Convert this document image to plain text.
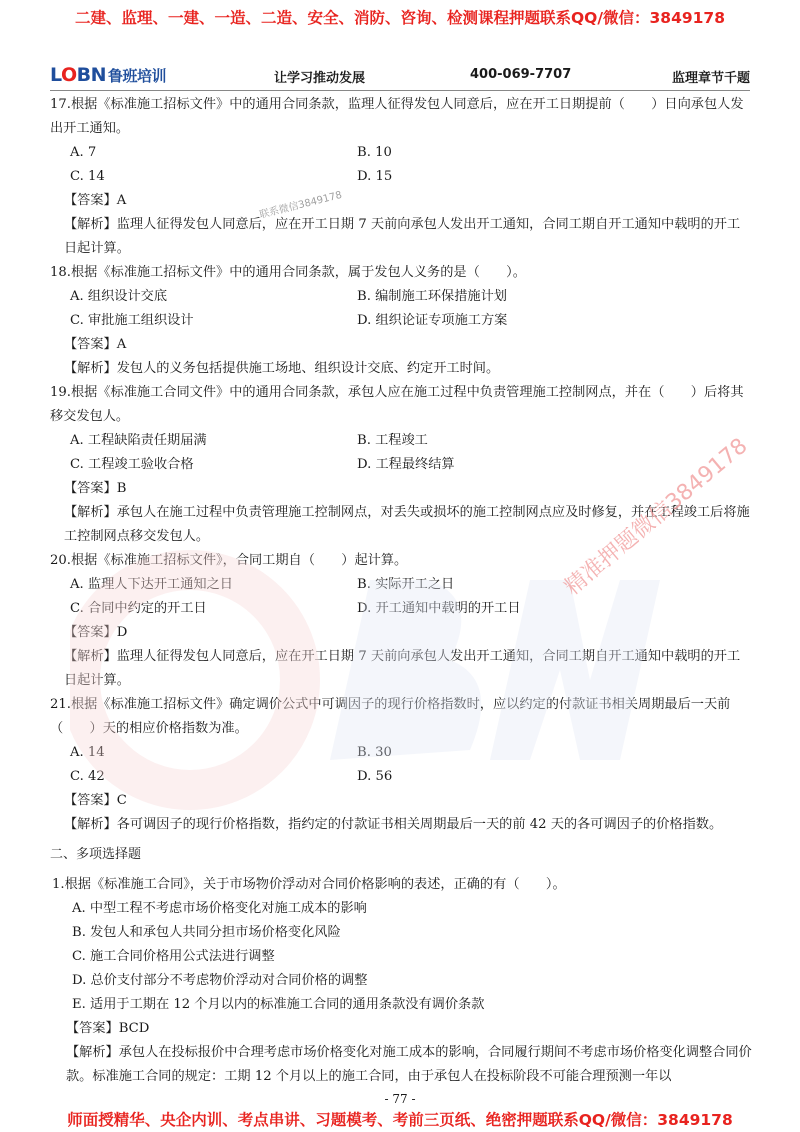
二建、监理、一建、一造、二造、安全、消防、咨询、检测课程押题联系QQ/微信：3849178
LOBN 鲁班培训	让学习推动发展	400-069-7707	监理章节千题
17.根据《标准施工招标文件》中的通用合同条款，监理人征得发包人同意后，应在开工日期提前（　　）日向承包人发出开工通知。
A. 7	B. 10
C. 14	D. 15
【答案】A
【解析】监理人征得发包人同意后，应在开工日期 7 天前向承包人发出开工通知，合同工期自开工通知中载明的开工日起计算。
18.根据《标准施工招标文件》中的通用合同条款，属于发包人义务的是（　　）。
A. 组织设计交底	B. 编制施工环保措施计划
C. 审批施工组织设计	D. 组织论证专项施工方案
【答案】A
【解析】发包人的义务包括提供施工场地、组织设计交底、约定开工时间。
19.根据《标准施工合同文件》中的通用合同条款，承包人应在施工过程中负责管理施工控制网点，并在（　　）后将其移交发包人。
A. 工程缺陷责任期届满	B. 工程竣工
C. 工程竣工验收合格	D. 工程最终结算
【答案】B
【解析】承包人在施工过程中负责管理施工控制网点，对丢失或损坏的施工控制网点应及时修复，并在工程竣工后将施工控制网点移交发包人。
20.根据《标准施工招标文件》，合同工期自（　　）起计算。
A. 监理人下达开工通知之日	B. 实际开工之日
C. 合同中约定的开工日	D. 开工通知中载明的开工日
【答案】D
【解析】监理人征得发包人同意后，应在开工日期 7 天前向承包人发出开工通知，合同工期自开工通知中载明的开工日起计算。
21.根据《标准施工招标文件》确定调价公式中可调因子的现行价格指数时，应以约定的付款证书相关周期最后一天前（　　）天的相应价格指数为准。
A. 14	B. 30
C. 42	D. 56
【答案】C
【解析】各可调因子的现行价格指数，指约定的付款证书相关周期最后一天的前 42 天的各可调因子的价格指数。
二、多项选择题
1.根据《标准施工合同》，关于市场物价浮动对合同价格影响的表述，正确的有（　　）。
A. 中型工程不考虑市场价格变化对施工成本的影响
B. 发包人和承包人共同分担市场价格变化风险
C. 施工合同价格用公式法进行调整
D. 总价支付部分不考虑物价浮动对合同价格的调整
E. 适用于工期在 12 个月以内的标准施工合同的通用条款没有调价条款
【答案】BCD
【解析】承包人在投标报价中合理考虑市场价格变化对施工成本的影响，合同履行期间不考虑市场价格变化调整合同价款。标准施工合同的规定：工期 12 个月以上的施工合同，由于承包人在投标阶段不可能合理预测一年以
联系微信3849178
精准押题微信3849178
- 77 -
师面授精华、央企内训、考点串讲、习题模考、考前三页纸、绝密押题联系QQ/微信：3849178
